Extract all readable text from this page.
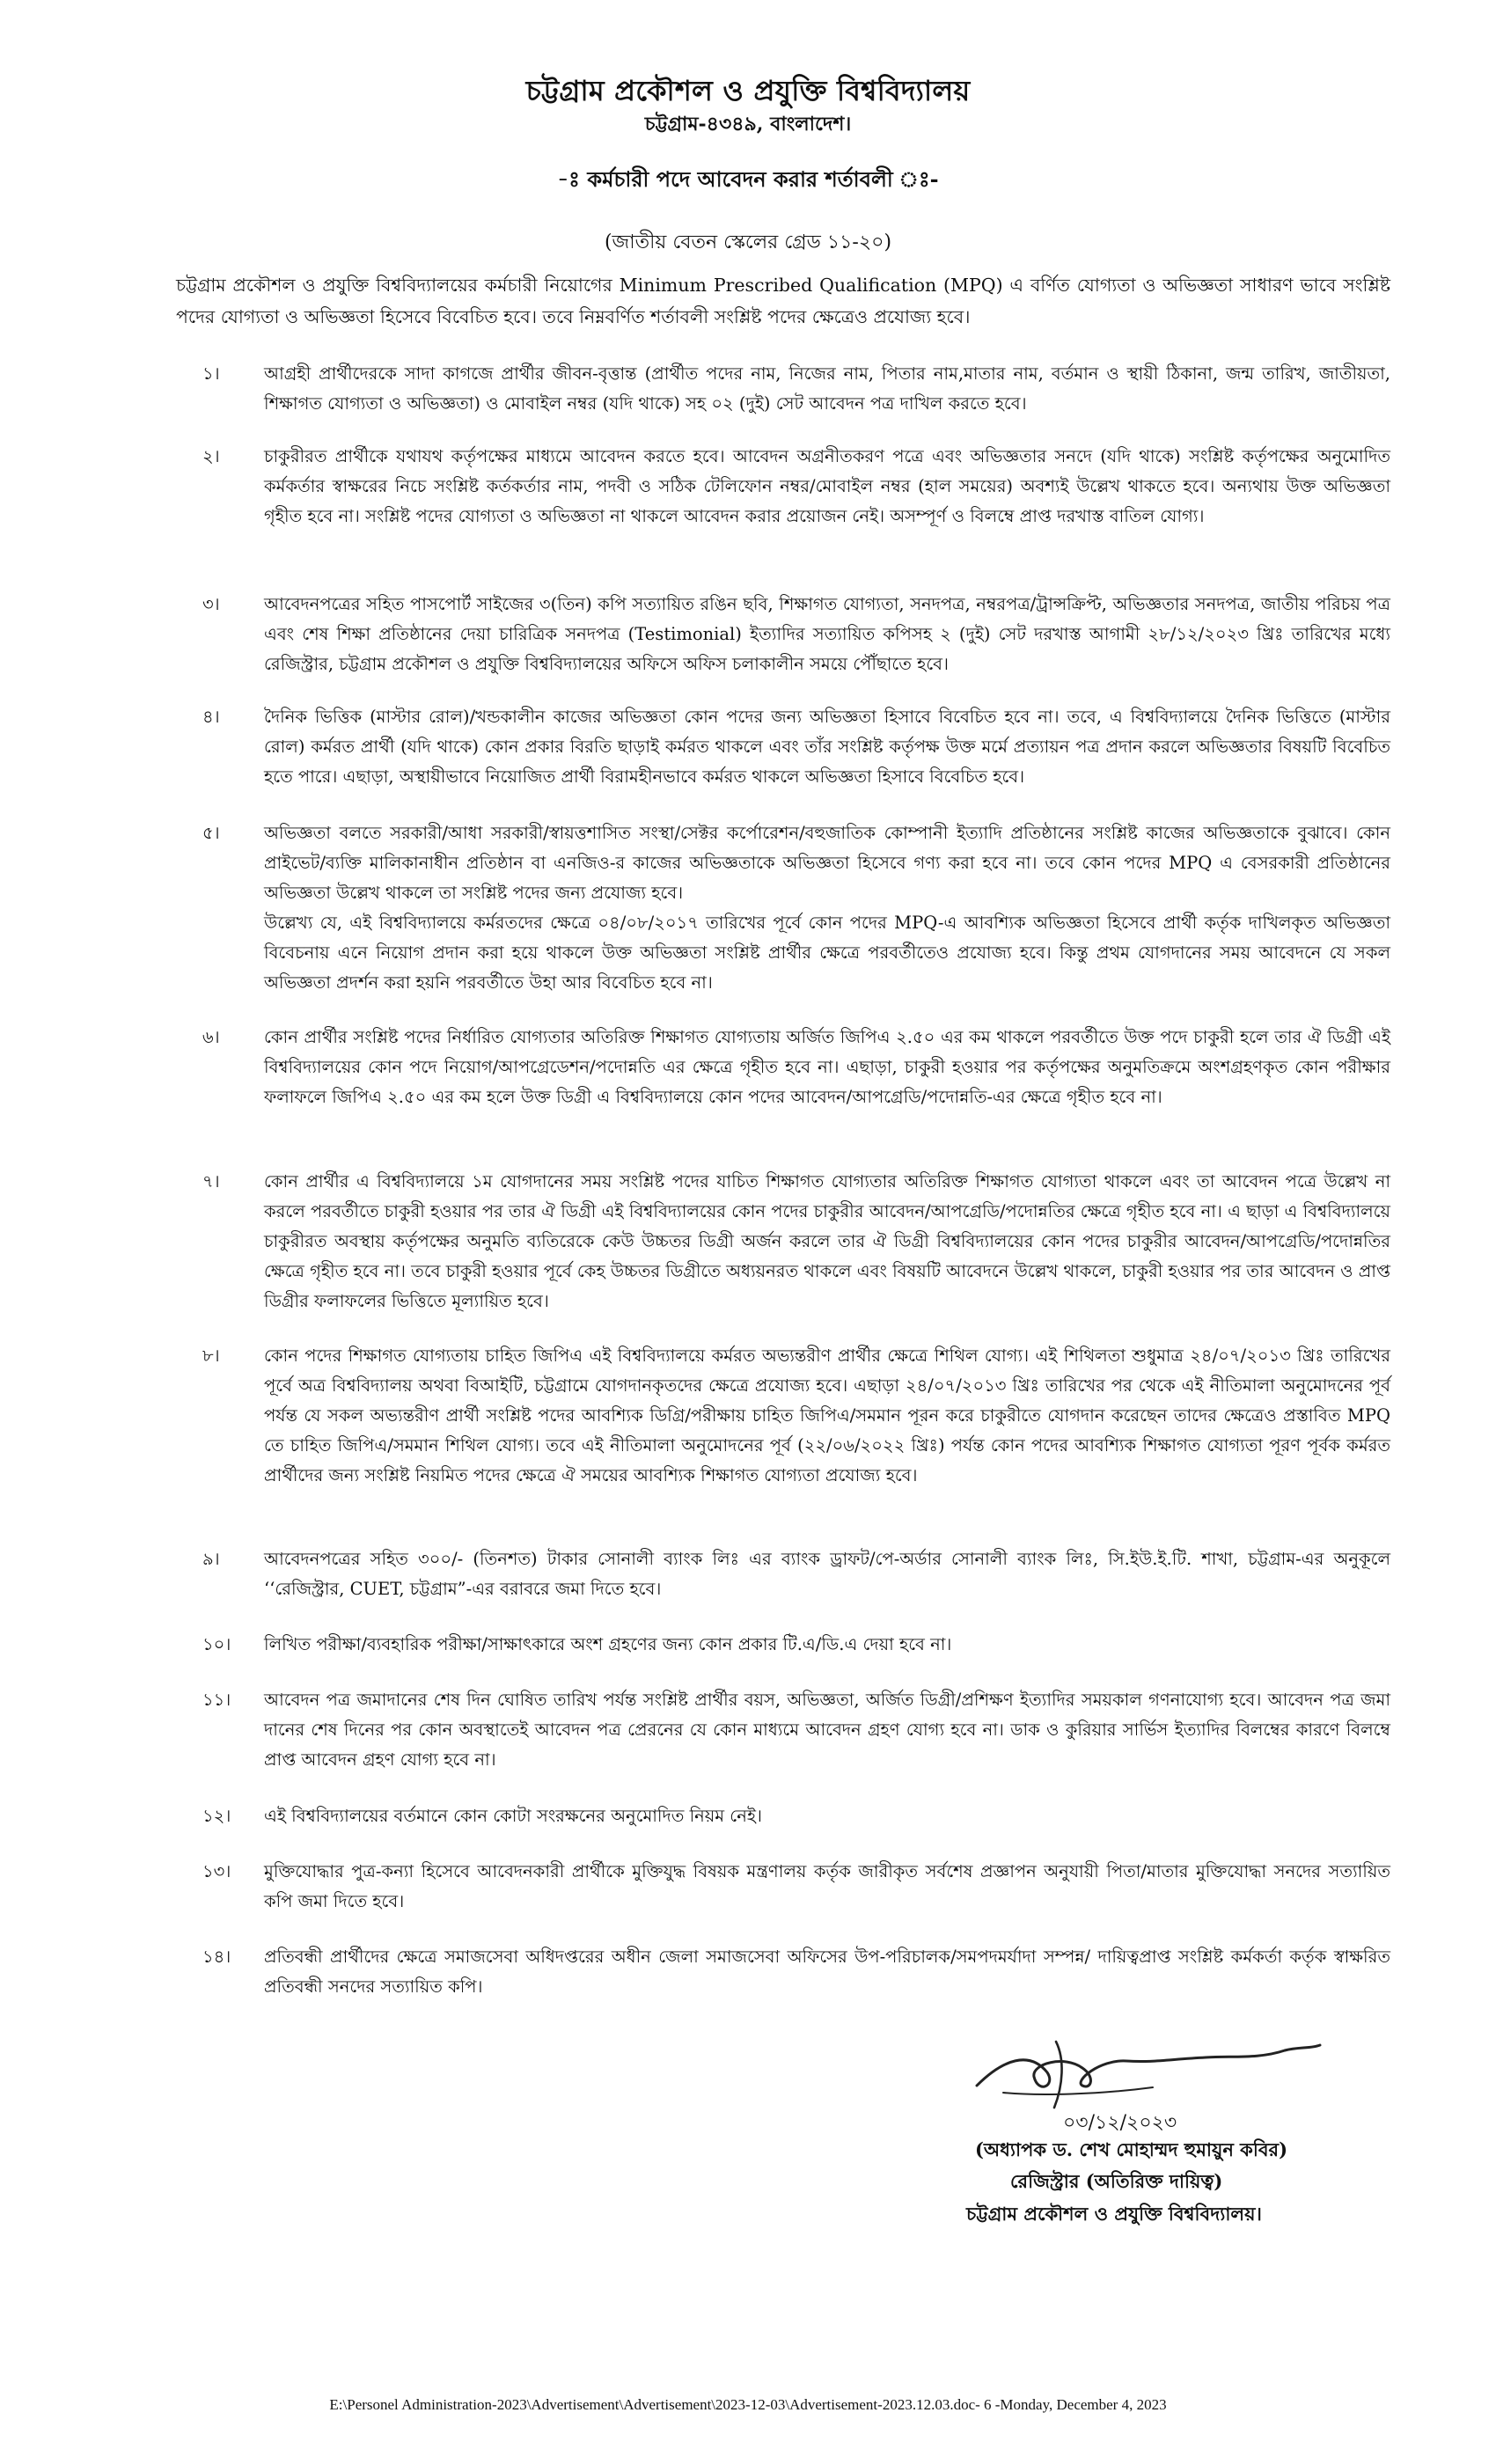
চট্টগ্রাম প্রকৌশল ও প্রযুক্তি বিশ্ববিদ্যালয়
চট্টগ্রাম-৪৩৪৯, বাংলাদেশ।
-ঃ কর্মচারী পদে আবেদন করার শর্তাবলী ঃ-
(জাতীয় বেতন স্কেলের গ্রেড ১১-২০)
চট্টগ্রাম প্রকৌশল ও প্রযুক্তি বিশ্ববিদ্যালয়ের কর্মচারী নিয়োগের Minimum Prescribed Qualification (MPQ) এ বর্ণিত যোগ্যতা ও অভিজ্ঞতা সাধারণ ভাবে সংশ্লিষ্ট পদের যোগ্যতা ও অভিজ্ঞতা হিসেবে বিবেচিত হবে। তবে নিম্নবর্ণিত শর্তাবলী সংশ্লিষ্ট পদের ক্ষেত্রেও প্রযোজ্য হবে।
১।	আগ্রহী প্রার্থীদেরকে সাদা কাগজে প্রার্থীর জীবন-বৃত্তান্ত (প্রার্থীত পদের নাম, নিজের নাম, পিতার নাম,মাতার নাম, বর্তমান ও স্থায়ী ঠিকানা, জন্ম তারিখ, জাতীয়তা, শিক্ষাগত যোগ্যতা ও অভিজ্ঞতা) ও মোবাইল নম্বর (যদি থাকে) সহ ০২ (দুই) সেট আবেদন পত্র দাখিল করতে হবে।
২।	চাকুরীরত প্রার্থীকে যথাযথ কর্তৃপক্ষের মাধ্যমে আবেদন করতে হবে। আবেদন অগ্রনীতকরণ পত্রে এবং অভিজ্ঞতার সনদে (যদি থাকে) সংশ্লিষ্ট কর্তৃপক্ষের অনুমোদিত কর্মকর্তার স্বাক্ষরের নিচে সংশ্লিষ্ট কর্তকর্তার নাম, পদবী ও সঠিক টেলিফোন নম্বর/মোবাইল নম্বর (হাল সময়ের) অবশ্যই উল্লেখ থাকতে হবে। অন্যথায় উক্ত অভিজ্ঞতা গৃহীত হবে না। সংশ্লিষ্ট পদের যোগ্যতা ও অভিজ্ঞতা না থাকলে আবেদন করার প্রয়োজন নেই। অসম্পূর্ণ ও বিলম্বে প্রাপ্ত দরখাস্ত বাতিল যোগ্য।
৩।	আবেদনপত্রের সহিত পাসপোর্ট সাইজের ৩(তিন) কপি সত্যায়িত রঙিন ছবি, শিক্ষাগত যোগ্যতা, সনদপত্র, নম্বরপত্র/ট্রান্সক্রিপ্ট, অভিজ্ঞতার সনদপত্র, জাতীয় পরিচয় পত্র এবং শেষ শিক্ষা প্রতিষ্ঠানের দেয়া চারিত্রিক সনদপত্র (Testimonial) ইত্যাদির সত্যায়িত কপিসহ ২ (দুই) সেট দরখাস্ত আগামী ২৮/১২/২০২৩ খ্রিঃ তারিখের মধ্যে রেজিস্ট্রার, চট্টগ্রাম প্রকৌশল ও প্রযুক্তি বিশ্ববিদ্যালয়ের অফিসে অফিস চলাকালীন সময়ে পৌঁছাতে হবে।
৪।	দৈনিক ভিত্তিক (মাস্টার রোল)/খন্ডকালীন কাজের অভিজ্ঞতা কোন পদের জন্য অভিজ্ঞতা হিসাবে বিবেচিত হবে না। তবে, এ বিশ্ববিদ্যালয়ে দৈনিক ভিত্তিতে (মাস্টার রোল) কর্মরত প্রার্থী (যদি থাকে) কোন প্রকার বিরতি ছাড়াই কর্মরত থাকলে এবং তাঁর সংশ্লিষ্ট কর্তৃপক্ষ উক্ত মর্মে প্রত্যায়ন পত্র প্রদান করলে অভিজ্ঞতার বিষয়টি বিবেচিত হতে পারে। এছাড়া, অস্থায়ীভাবে নিয়োজিত প্রার্থী বিরামহীনভাবে কর্মরত থাকলে অভিজ্ঞতা হিসাবে বিবেচিত হবে।
৫।	অভিজ্ঞতা বলতে সরকারী/আধা সরকারী/স্বায়ত্তশাসিত সংস্থা/সেক্টর কর্পোরেশন/বহুজাতিক কোম্পানী ইত্যাদি প্রতিষ্ঠানের সংশ্লিষ্ট কাজের অভিজ্ঞতাকে বুঝাবে। কোন প্রাইভেট/ব্যক্তি মালিকানাধীন প্রতিষ্ঠান বা এনজিও-র কাজের অভিজ্ঞতাকে অভিজ্ঞতা হিসেবে গণ্য করা হবে না। তবে কোন পদের MPQ এ বেসরকারী প্রতিষ্ঠানের অভিজ্ঞতা উল্লেখ থাকলে তা সংশ্লিষ্ট পদের জন্য প্রযোজ্য হবে।
উল্লেখ্য যে, এই বিশ্ববিদ্যালয়ে কর্মরতদের ক্ষেত্রে ০৪/০৮/২০১৭ তারিখের পূর্বে কোন পদের MPQ-এ আবশ্যিক অভিজ্ঞতা হিসেবে প্রার্থী কর্তৃক দাখিলকৃত অভিজ্ঞতা বিবেচনায় এনে নিয়োগ প্রদান করা হয়ে থাকলে উক্ত অভিজ্ঞতা সংশ্লিষ্ট প্রার্থীর ক্ষেত্রে পরবর্তীতেও প্রযোজ্য হবে। কিন্তু প্রথম যোগদানের সময় আবেদনে যে সকল অভিজ্ঞতা প্রদর্শন করা হয়নি পরবর্তীতে উহা আর বিবেচিত হবে না।
৬।	কোন প্রার্থীর সংশ্লিষ্ট পদের নির্ধারিত যোগ্যতার অতিরিক্ত শিক্ষাগত যোগ্যতায় অর্জিত জিপিএ ২.৫০ এর কম থাকলে পরবর্তীতে উক্ত পদে চাকুরী হলে তার ঐ ডিগ্রী এই বিশ্ববিদ্যালয়ের কোন পদে নিয়োগ/আপগ্রেডেশন/পদোন্নতি এর ক্ষেত্রে গৃহীত হবে না। এছাড়া, চাকুরী হওয়ার পর কর্তৃপক্ষের অনুমতিক্রমে অংশগ্রহণকৃত কোন পরীক্ষার ফলাফলে জিপিএ ২.৫০ এর কম হলে উক্ত ডিগ্রী এ বিশ্ববিদ্যালয়ে কোন পদের আবেদন/আপগ্রেডি/পদোন্নতি-এর ক্ষেত্রে গৃহীত হবে না।
৭।	কোন প্রার্থীর এ বিশ্ববিদ্যালয়ে ১ম যোগদানের সময় সংশ্লিষ্ট পদের যাচিত শিক্ষাগত যোগ্যতার অতিরিক্ত শিক্ষাগত যোগ্যতা থাকলে এবং তা আবেদন পত্রে উল্লেখ না করলে পরবর্তীতে চাকুরী হওয়ার পর তার ঐ ডিগ্রী এই বিশ্ববিদ্যালয়ের কোন পদের চাকুরীর আবেদন/আপগ্রেডি/পদোন্নতির ক্ষেত্রে গৃহীত হবে না। এ ছাড়া এ বিশ্ববিদ্যালয়ে চাকুরীরত অবস্থায় কর্তৃপক্ষের অনুমতি ব্যতিরেকে কেউ উচ্চতর ডিগ্রী অর্জন করলে তার ঐ ডিগ্রী বিশ্ববিদ্যালয়ের কোন পদের চাকুরীর আবেদন/আপগ্রেডি/পদোন্নতির ক্ষেত্রে গৃহীত হবে না। তবে চাকুরী হওয়ার পূর্বে কেহ উচ্চতর ডিগ্রীতে অধ্যয়নরত থাকলে এবং বিষয়টি আবেদনে উল্লেখ থাকলে, চাকুরী হওয়ার পর তার আবেদন ও প্রাপ্ত ডিগ্রীর ফলাফলের ভিত্তিতে মূল্যায়িত হবে।
৮।	কোন পদের শিক্ষাগত যোগ্যতায় চাহিত জিপিএ এই বিশ্ববিদ্যালয়ে কর্মরত অভ্যন্তরীণ প্রার্থীর ক্ষেত্রে শিথিল যোগ্য। এই শিথিলতা শুধুমাত্র ২৪/০৭/২০১৩ খ্রিঃ তারিখের পূর্বে অত্র বিশ্ববিদ্যালয় অথবা বিআইটি, চট্টগ্রামে যোগদানকৃতদের ক্ষেত্রে প্রযোজ্য হবে। এছাড়া ২৪/০৭/২০১৩ খ্রিঃ তারিখের পর থেকে এই নীতিমালা অনুমোদনের পূর্ব পর্যন্ত যে সকল অভ্যন্তরীণ প্রার্থী সংশ্লিষ্ট পদের আবশ্যিক ডিগ্রি/পরীক্ষায় চাহিত জিপিএ/সমমান পূরন করে চাকুরীতে যোগদান করেছেন তাদের ক্ষেত্রেও প্রস্তাবিত MPQ তে চাহিত জিপিএ/সমমান শিথিল যোগ্য। তবে এই নীতিমালা অনুমোদনের পূর্ব (২২/০৬/২০২২ খ্রিঃ) পর্যন্ত কোন পদের আবশ্যিক শিক্ষাগত যোগ্যতা পূরণ পূর্বক কর্মরত প্রার্থীদের জন্য সংশ্লিষ্ট নিয়মিত পদের ক্ষেত্রে ঐ সময়ের আবশ্যিক শিক্ষাগত যোগ্যতা প্রযোজ্য হবে।
৯।	আবেদনপত্রের সহিত ৩০০/- (তিনশত) টাকার সোনালী ব্যাংক লিঃ এর ব্যাংক ড্রাফট/পে-অর্ডার সোনালী ব্যাংক লিঃ, সি.ইউ.ই.টি. শাখা, চট্টগ্রাম-এর অনুকূলে ‘‘রেজিস্ট্রার, CUET, চট্টগ্রাম”-এর বরাবরে জমা দিতে হবে।
১০।	লিখিত পরীক্ষা/ব্যবহারিক পরীক্ষা/সাক্ষাৎকারে অংশ গ্রহণের জন্য কোন প্রকার টি.এ/ডি.এ দেয়া হবে না।
১১।	আবেদন পত্র জমাদানের শেষ দিন ঘোষিত তারিখ পর্যন্ত সংশ্লিষ্ট প্রার্থীর বয়স, অভিজ্ঞতা, অর্জিত ডিগ্রী/প্রশিক্ষণ ইত্যাদির সময়কাল গণনাযোগ্য হবে। আবেদন পত্র জমা দানের শেষ দিনের পর কোন অবস্থাতেই আবেদন পত্র প্রেরনের যে কোন মাধ্যমে আবেদন গ্রহণ যোগ্য হবে না। ডাক ও কুরিয়ার সার্ভিস ইত্যাদির বিলম্বের কারণে বিলম্বে প্রাপ্ত আবেদন গ্রহণ যোগ্য হবে না।
১২।	এই বিশ্ববিদ্যালয়ের বর্তমানে কোন কোটা সংরক্ষনের অনুমোদিত নিয়ম নেই।
১৩।	মুক্তিযোদ্ধার পুত্র-কন্যা হিসেবে আবেদনকারী প্রার্থীকে মুক্তিযুদ্ধ বিষয়ক মন্ত্রণালয় কর্তৃক জারীকৃত সর্বশেষ প্রজ্ঞাপন অনুযায়ী পিতা/মাতার মুক্তিযোদ্ধা সনদের সত্যায়িত কপি জমা দিতে হবে।
১৪।	প্রতিবন্ধী প্রার্থীদের ক্ষেত্রে সমাজসেবা অধিদপ্তরের অধীন জেলা সমাজসেবা অফিসের উপ-পরিচালক/সমপদমর্যাদা সম্পন্ন/ দায়িত্বপ্রাপ্ত সংশ্লিষ্ট কর্মকর্তা কর্তৃক স্বাক্ষরিত প্রতিবন্ধী সনদের সত্যায়িত কপি।
০৩/১২/২০২৩
(অধ্যাপক ড. শেখ মোহাম্মদ হুমায়ুন কবির)
রেজিস্ট্রার (অতিরিক্ত দায়িত্ব)
চট্টগ্রাম প্রকৌশল ও প্রযুক্তি বিশ্ববিদ্যালয়।
E:\Personel Administration-2023\Advertisement\Advertisement\2023-12-03\Advertisement-2023.12.03.doc- 6 -Monday, December 4, 2023
